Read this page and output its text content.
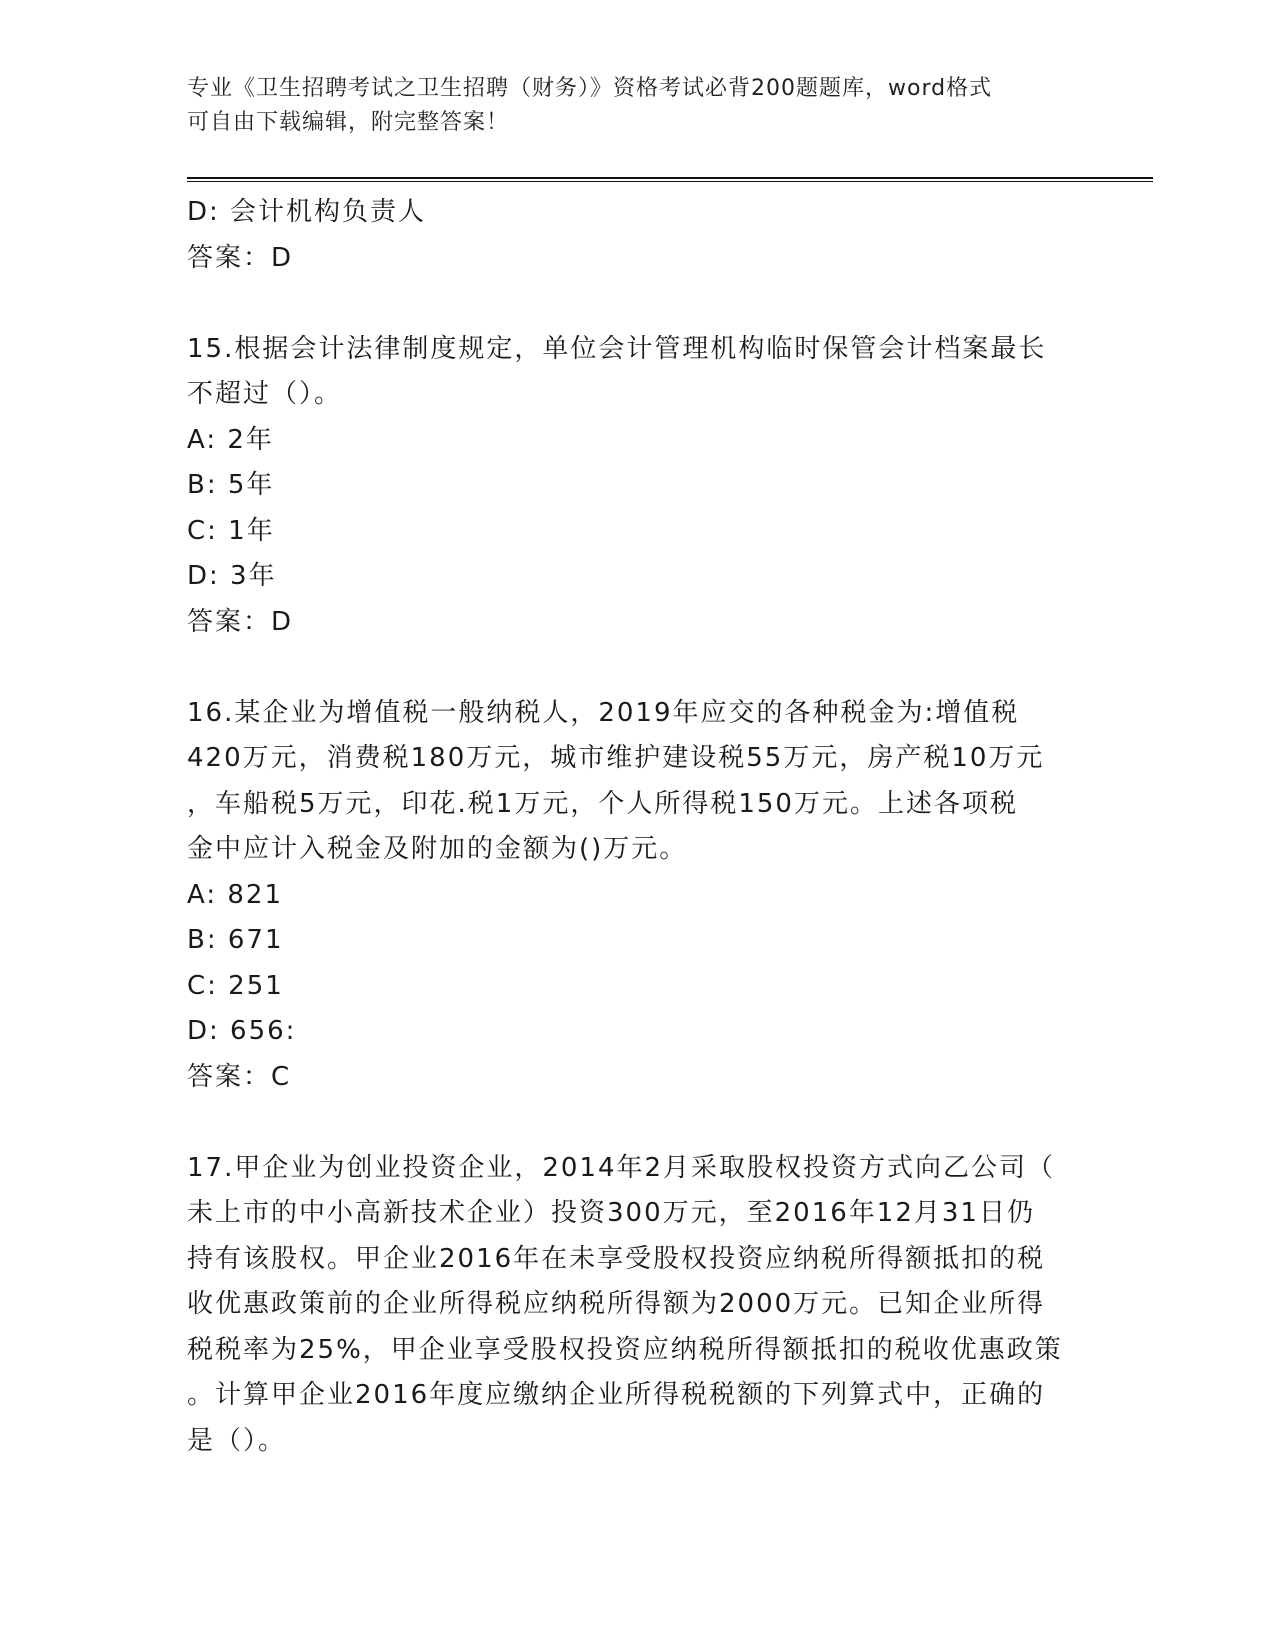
专业《卫生招聘考试之卫生招聘（财务）》资格考试必背200题题库，word格式
可自由下载编辑，附完整答案！

D: 会计机构负责人

答案：D

15.根据会计法律制度规定，单位会计管理机构临时保管会计档案最长

不超过（）。

A: 2年

B: 5年

C: 1年

D: 3年

答案：D

16.某企业为增值税一般纳税人，2019年应交的各种税金为:增值税

420万元，消费税180万元，城市维护建设税55万元，房产税10万元

，车船税5万元，印花.税1万元，个人所得税150万元。上述各项税

金中应计入税金及附加的金额为()万元。

A: 821

B: 671

C: 251

D: 656:

答案：C

17.甲企业为创业投资企业，2014年2月采取股权投资方式向乙公司（

未上市的中小高新技术企业）投资300万元，至2016年12月31日仍

持有该股权。甲企业2016年在未享受股权投资应纳税所得额抵扣的税

收优惠政策前的企业所得税应纳税所得额为2000万元。已知企业所得

税税率为25%，甲企业享受股权投资应纳税所得额抵扣的税收优惠政策

。计算甲企业2016年度应缴纳企业所得税税额的下列算式中，正确的

是（）。
